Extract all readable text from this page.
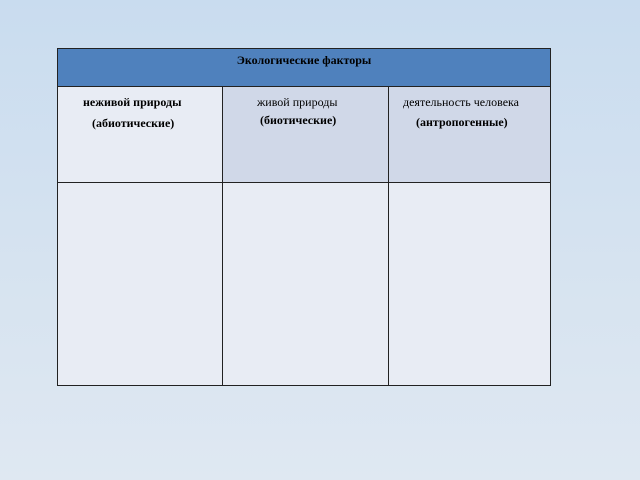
Экологические факторы
неживой природы
(абиотические)
живой природы
(биотические)
деятельность человека
(антропогенные)
